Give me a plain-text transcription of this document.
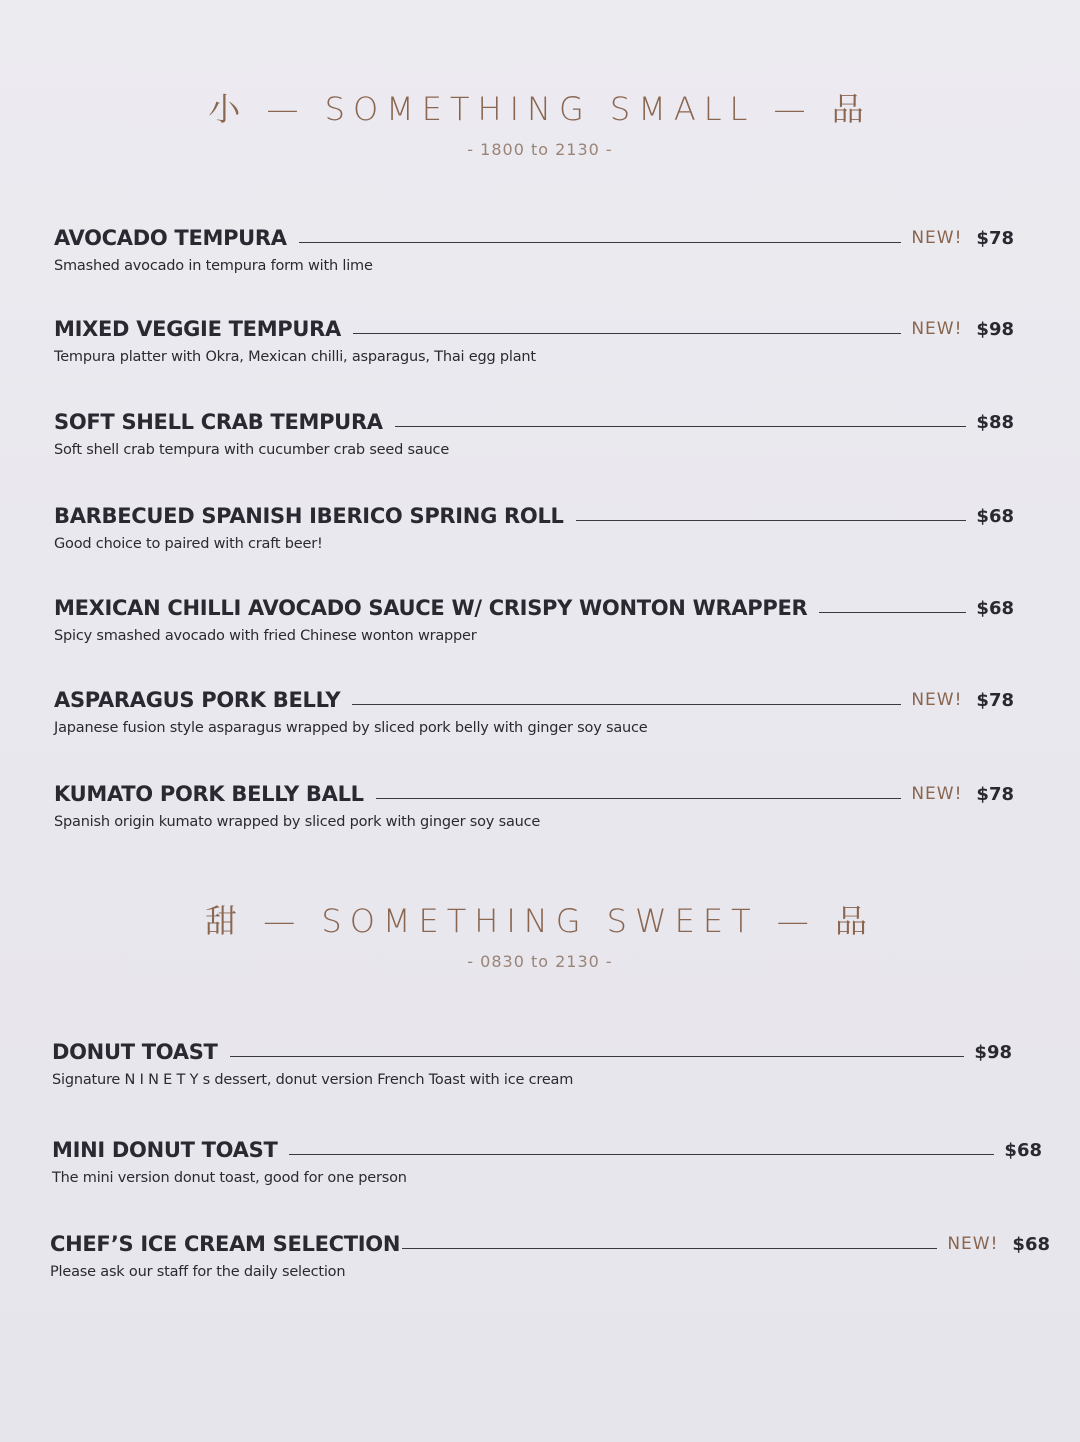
小 — SOMETHING SMALL — 品
- 1800 to 2130 -
AVOCADO TEMPURA	NEW! $78
Smashed avocado in tempura form with lime
MIXED VEGGIE TEMPURA	NEW! $98
Tempura platter with Okra, Mexican chilli, asparagus, Thai egg plant
SOFT SHELL CRAB TEMPURA	$88
Soft shell crab tempura with cucumber crab seed sauce
BARBECUED SPANISH IBERICO SPRING ROLL	$68
Good choice to paired with craft beer!
MEXICAN CHILLI AVOCADO SAUCE W/ CRISPY WONTON WRAPPER	$68
Spicy smashed avocado with fried Chinese wonton wrapper
ASPARAGUS PORK BELLY	NEW! $78
Japanese fusion style asparagus wrapped by sliced pork belly with ginger soy sauce
KUMATO PORK BELLY BALL	NEW! $78
Spanish origin kumato wrapped by sliced pork with ginger soy sauce
甜 — SOMETHING SWEET — 品
- 0830 to 2130 -
DONUT TOAST	$98
Signature N I N E T Y s dessert, donut version French Toast with ice cream
MINI DONUT TOAST	$68
The mini version donut toast, good for one person
CHEF’S ICE CREAM SELECTION	NEW! $68
Please ask our staff for the daily selection
